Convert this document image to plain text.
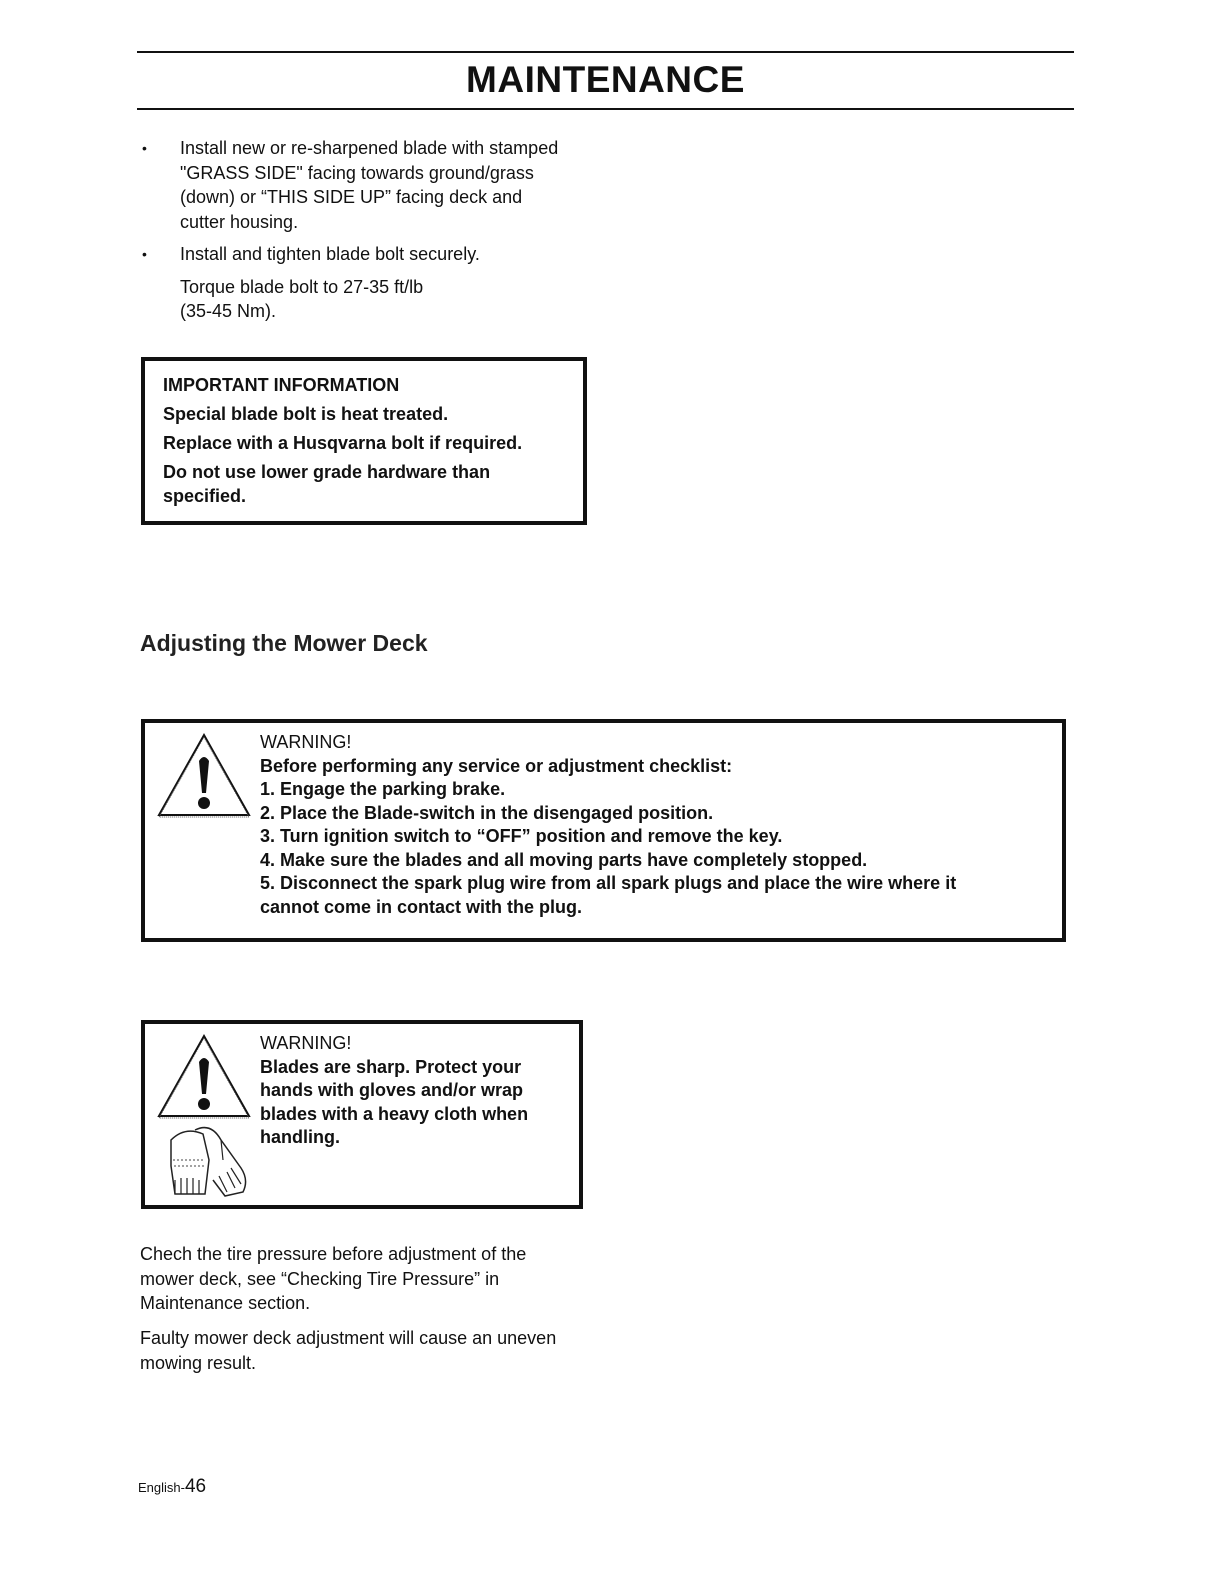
MAINTENANCE
• Install new or re-sharpened blade with stamped "GRASS SIDE" facing towards ground/grass (down) or “THIS SIDE UP” facing deck and cutter housing.
• Install and tighten blade bolt securely.
Torque blade bolt to 27-35 ft/lb (35-45 Nm).
IMPORTANT INFORMATION
Special blade bolt is heat treated.
Replace with a Husqvarna bolt if required.
Do not use lower grade hardware than specified.
Adjusting the Mower Deck
WARNING!
Before performing any service or adjustment checklist:
1. Engage the parking brake.
2. Place the Blade-switch in the disengaged position.
3. Turn ignition switch to “OFF” position and remove the key.
4. Make sure the blades and all moving parts have completely stopped.
5. Disconnect the spark plug wire from all spark plugs and place the wire where it
cannot come in contact with the plug.
WARNING!
Blades are sharp. Protect your
hands with gloves and/or wrap
blades with a heavy cloth when
handling.
Chech the tire pressure before adjustment of the mower deck, see “Checking Tire Pressure” in Maintenance section.
Faulty mower deck adjustment will cause an uneven mowing result.
English-46
